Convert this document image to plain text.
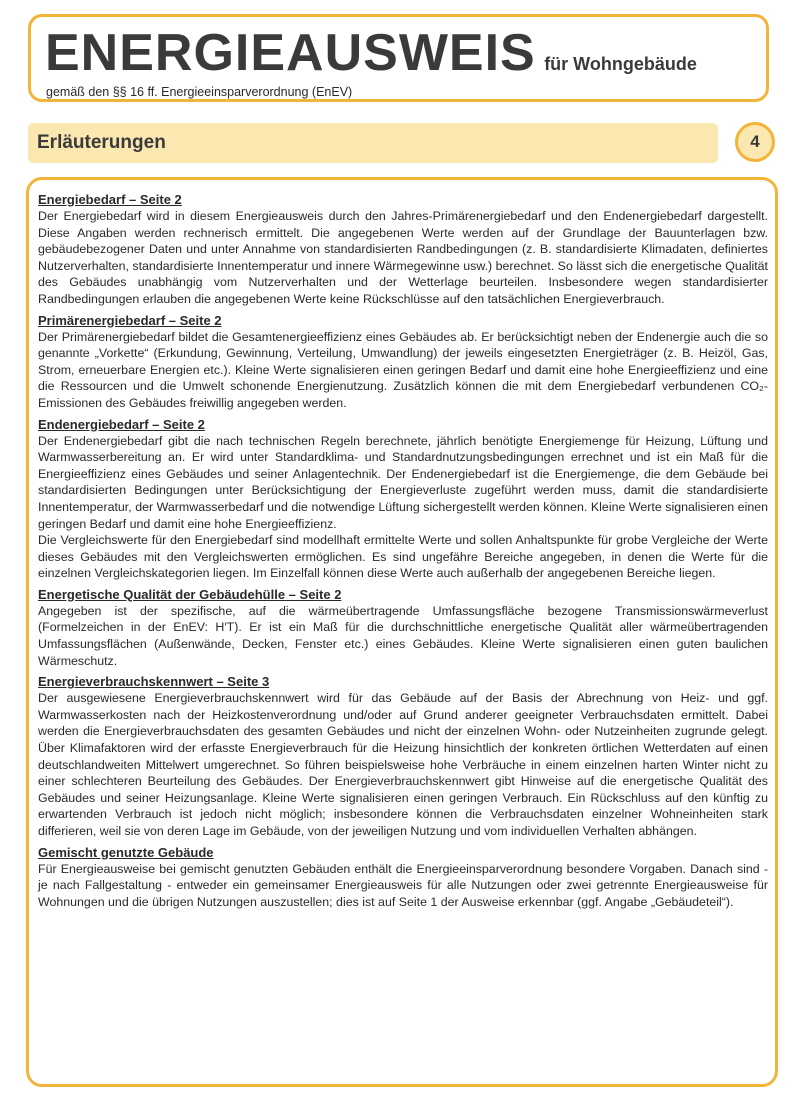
ENERGIEAUSWEIS für Wohngebäude
gemäß den §§ 16 ff. Energieeinsparverordnung (EnEV)
Erläuterungen	4
Energiebedarf – Seite 2

Der Energiebedarf wird in diesem Energieausweis durch den Jahres-Primärenergiebedarf und den Endenergiebedarf dargestellt. Diese Angaben werden rechnerisch ermittelt. Die angegebenen Werte werden auf der Grundlage der Bauunterlagen bzw. gebäudebezogener Daten und unter Annahme von standardisierten Randbedingungen (z. B. standardisierte Klimadaten, definiertes Nutzerverhalten, standardisierte Innentemperatur und innere Wärmegewinne usw.) berechnet. So lässt sich die energetische Qualität des Gebäudes unabhängig vom Nutzerverhalten und der Wetterlage beurteilen. Insbesondere wegen standardisierter Randbedingungen erlauben die angegebenen Werte keine Rückschlüsse auf den tatsächlichen Energieverbrauch.

Primärenergiebedarf – Seite 2

Der Primärenergiebedarf bildet die Gesamtenergieeffizienz eines Gebäudes ab. Er berücksichtigt neben der Endenergie auch die so genannte „Vorkette“ (Erkundung, Gewinnung, Verteilung, Umwandlung) der jeweils eingesetzten Energieträger (z. B. Heizöl, Gas, Strom, erneuerbare Energien etc.). Kleine Werte signalisieren einen geringen Bedarf und damit eine hohe Energieeffizienz und eine die Ressourcen und die Umwelt schonende Energienutzung. Zusätzlich können die mit dem Energiebedarf verbundenen CO₂-Emissionen des Gebäudes freiwillig angegeben werden.

Endenergiebedarf – Seite 2

Der Endenergiebedarf gibt die nach technischen Regeln berechnete, jährlich benötigte Energiemenge für Heizung, Lüftung und Warmwasserbereitung an. Er wird unter Standardklima- und Standardnutzungsbedingungen errechnet und ist ein Maß für die Energieeffizienz eines Gebäudes und seiner Anlagentechnik. Der Endenergiebedarf ist die Energiemenge, die dem Gebäude bei standardisierten Bedingungen unter Berücksichtigung der Energieverluste zugeführt werden muss, damit die standardisierte Innentemperatur, der Warmwasserbedarf und die notwendige Lüftung sichergestellt werden können. Kleine Werte signalisieren einen geringen Bedarf und damit eine hohe Energieeffizienz.

Die Vergleichswerte für den Energiebedarf sind modellhaft ermittelte Werte und sollen Anhaltspunkte für grobe Vergleiche der Werte dieses Gebäudes mit den Vergleichswerten ermöglichen. Es sind ungefähre Bereiche angegeben, in denen die Werte für die einzelnen Vergleichskategorien liegen. Im Einzelfall können diese Werte auch außerhalb der angegebenen Bereiche liegen.

Energetische Qualität der Gebäudehülle – Seite 2

Angegeben ist der spezifische, auf die wärmeübertragende Umfassungsfläche bezogene Transmissionswärmeverlust (Formelzeichen in der EnEV: H′T). Er ist ein Maß für die durchschnittliche energetische Qualität aller wärmeübertragenden Umfassungsflächen (Außenwände, Decken, Fenster etc.) eines Gebäudes. Kleine Werte signalisieren einen guten baulichen Wärmeschutz.

Energieverbrauchskennwert – Seite 3

Der ausgewiesene Energieverbrauchskennwert wird für das Gebäude auf der Basis der Abrechnung von Heiz- und ggf. Warmwasserkosten nach der Heizkostenverordnung und/oder auf Grund anderer geeigneter Verbrauchsdaten ermittelt. Dabei werden die Energieverbrauchsdaten des gesamten Gebäudes und nicht der einzelnen Wohn- oder Nutzeinheiten zugrunde gelegt. Über Klimafaktoren wird der erfasste Energieverbrauch für die Heizung hinsichtlich der konkreten örtlichen Wetterdaten auf einen deutschlandweiten Mittelwert umgerechnet. So führen beispielsweise hohe Verbräuche in einem einzelnen harten Winter nicht zu einer schlechteren Beurteilung des Gebäudes. Der Energieverbrauchskennwert gibt Hinweise auf die energetische Qualität des Gebäudes und seiner Heizungsanlage. Kleine Werte signalisieren einen geringen Verbrauch. Ein Rückschluss auf den künftig zu erwartenden Verbrauch ist jedoch nicht möglich; insbesondere können die Verbrauchsdaten einzelner Wohneinheiten stark differieren, weil sie von deren Lage im Gebäude, von der jeweiligen Nutzung und vom individuellen Verhalten abhängen.

Gemischt genutzte Gebäude

Für Energieausweise bei gemischt genutzten Gebäuden enthält die Energieeinsparverordnung besondere Vorgaben. Danach sind - je nach Fallgestaltung - entweder ein gemeinsamer Energieausweis für alle Nutzungen oder zwei getrennte Energieausweise für Wohnungen und die übrigen Nutzungen auszustellen; dies ist auf Seite 1 der Ausweise erkennbar (ggf. Angabe „Gebäudeteil“).
